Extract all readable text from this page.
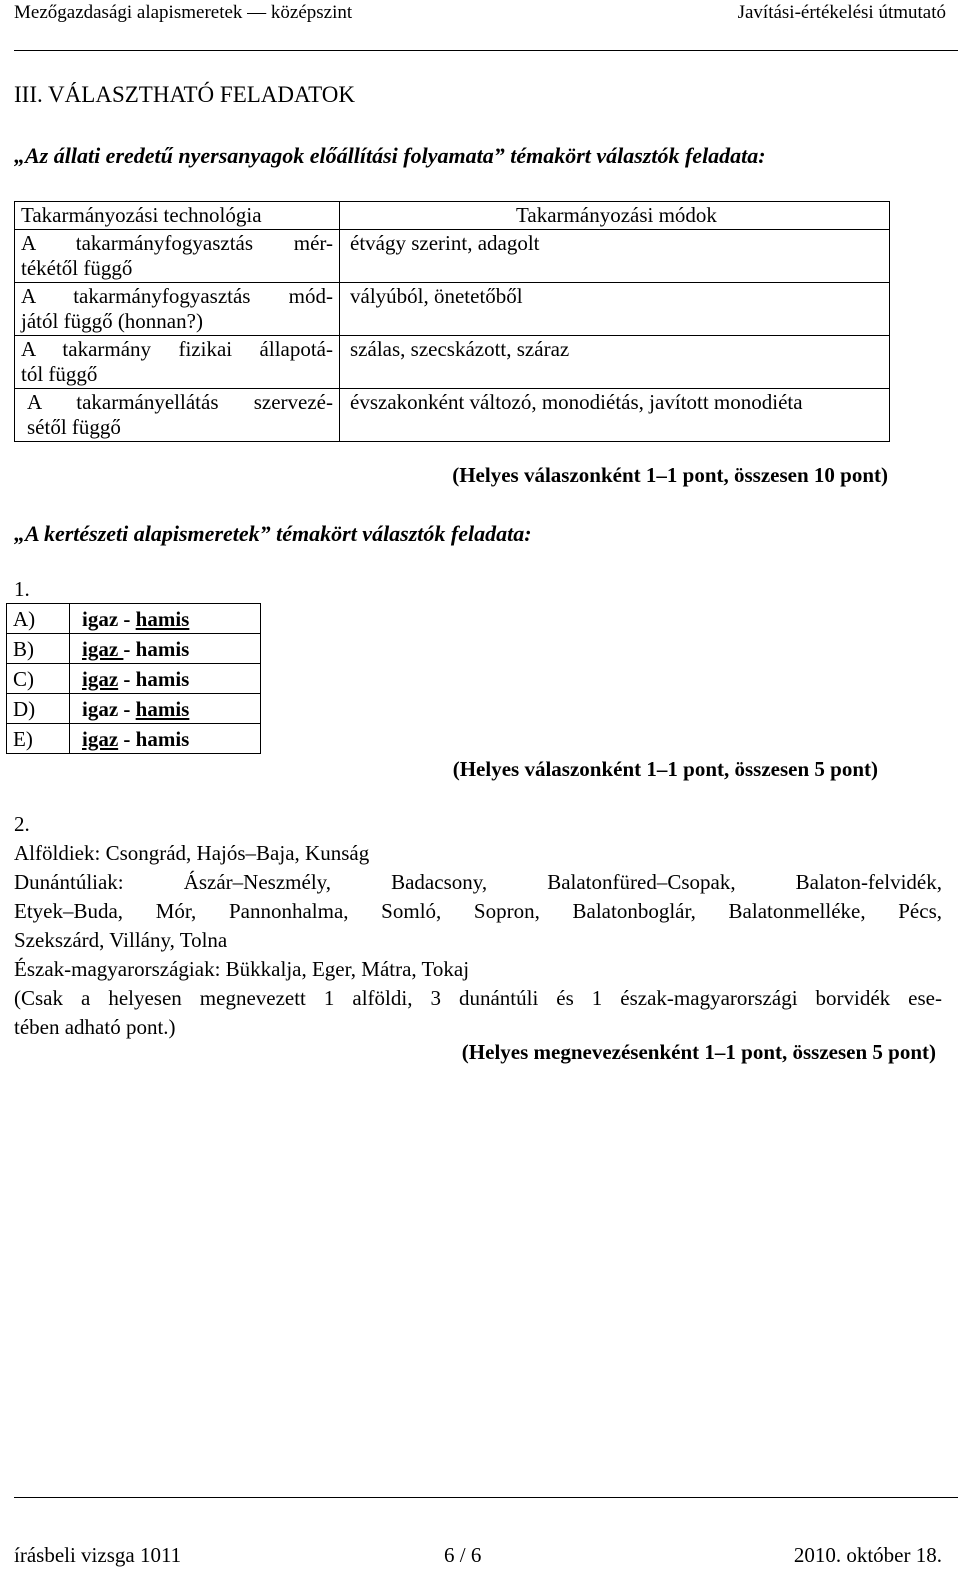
Mezőgazdasági alapismeretek — középszint	Javítási-értékelési útmutató
III. VÁLASZTHATÓ FELADATOK
„Az állati eredetű nyersanyagok előállítási folyamata” témakört választók feladata:
Takarmányozási technológia	Takarmányozási módok

A takarmányfogyasztás mér-
tékétől függő	étvágy szerint, adagolt

A takarmányfogyasztás mód-
jától függő (honnan?)	vályúból, önetetőből

A takarmány fizikai állapotá-
tól függő	szálas, szecskázott, száraz

A takarmányellátás szervezé-
sétől függő	évszakonként változó, monodiétás, javított monodiéta
(Helyes válaszonként 1–1 pont, összesen 10 pont)
„A kertészeti alapismeretek” témakört választók feladata:
1.
A)	igaz - hamis
B)	igaz - hamis
C)	igaz - hamis
D)	igaz - hamis
E)	igaz - hamis
(Helyes válaszonként 1–1 pont, összesen 5 pont)

2.

Alföldiek: Csongrád, Hajós–Baja, Kunság

Dunántúliak: Ászár–Neszmély, Badacsony, Balatonfüred–Csopak, Balaton-felvidék,

Etyek–Buda, Mór, Pannonhalma, Somló, Sopron, Balatonboglár, Balatonmelléke, Pécs,

Szekszárd, Villány, Tolna

Észak-magyarországiak: Bükkalja, Eger, Mátra, Tokaj

(Csak a helyesen megnevezett 1 alföldi, 3 dunántúli és 1 észak-magyarországi borvidék ese-

tében adható pont.)

(Helyes megnevezésenként 1–1 pont, összesen 5 pont)
írásbeli vizsga 1011	6 / 6	2010. október 18.
